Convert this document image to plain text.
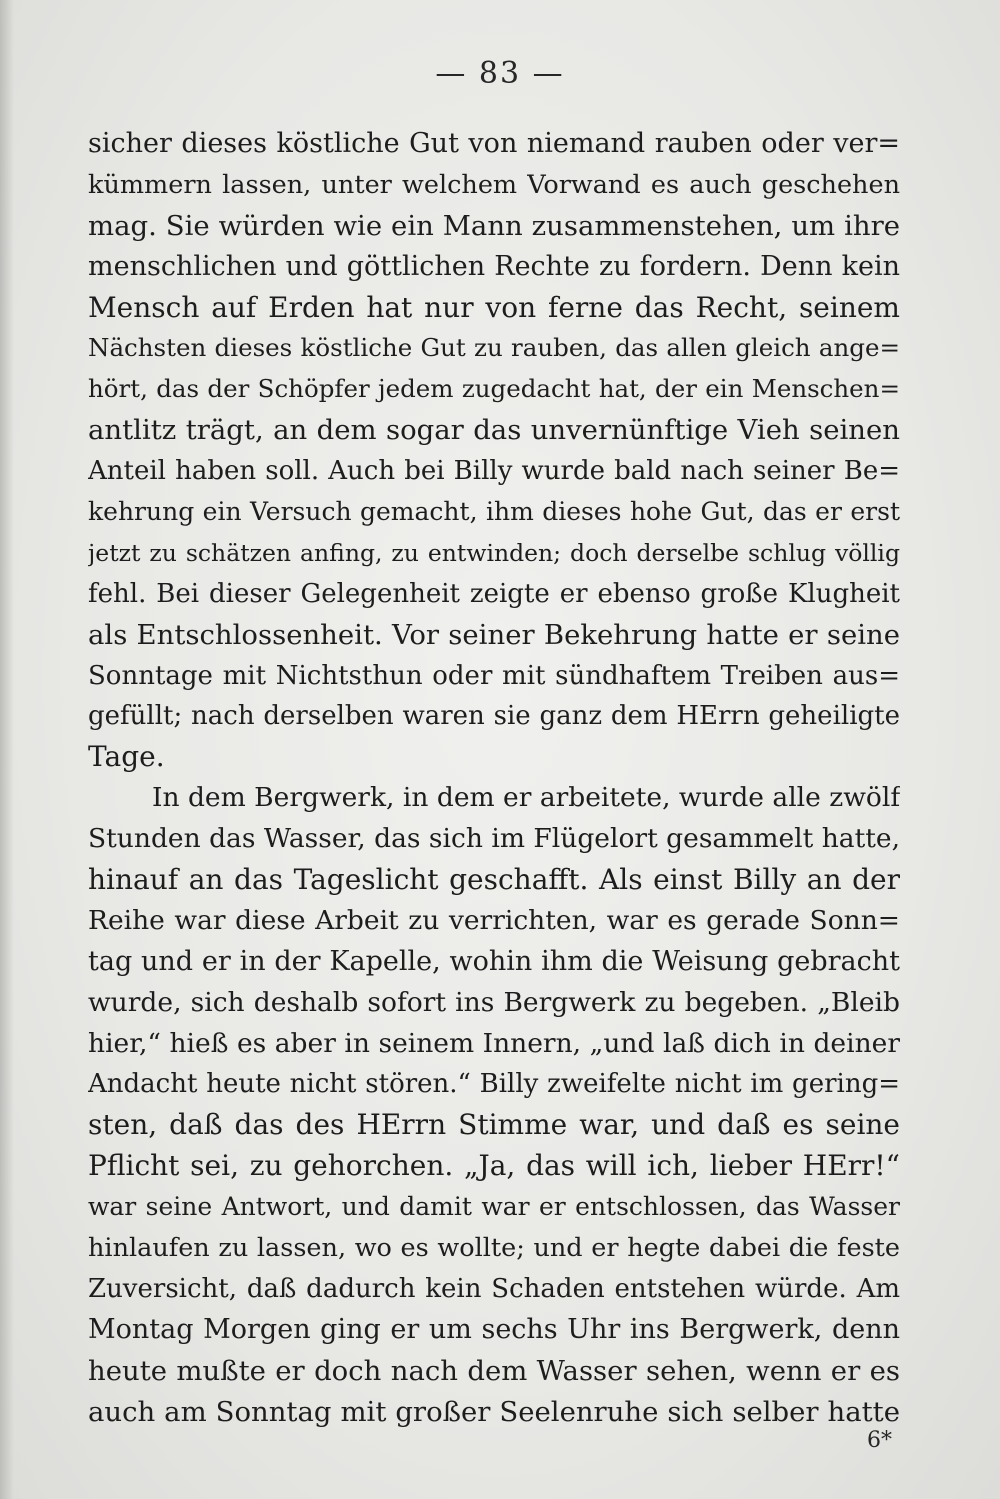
— 83 —
sicher dieses köstliche Gut von niemand rauben oder ver=
kümmern lassen, unter welchem Vorwand es auch geschehen
mag. Sie würden wie ein Mann zusammenstehen, um ihre
menschlichen und göttlichen Rechte zu fordern. Denn kein
Mensch auf Erden hat nur von ferne das Recht, seinem
Nächsten dieses köstliche Gut zu rauben, das allen gleich ange=
hört, das der Schöpfer jedem zugedacht hat, der ein Menschen=
antlitz trägt, an dem sogar das unvernünftige Vieh seinen
Anteil haben soll. Auch bei Billy wurde bald nach seiner Be=
kehrung ein Versuch gemacht, ihm dieses hohe Gut, das er erst
jetzt zu schätzen anfing, zu entwinden; doch derselbe schlug völlig
fehl. Bei dieser Gelegenheit zeigte er ebenso große Klugheit
als Entschlossenheit. Vor seiner Bekehrung hatte er seine
Sonntage mit Nichtsthun oder mit sündhaftem Treiben aus=
gefüllt; nach derselben waren sie ganz dem HErrn geheiligte
Tage.
In dem Bergwerk, in dem er arbeitete, wurde alle zwölf
Stunden das Wasser, das sich im Flügelort gesammelt hatte,
hinauf an das Tageslicht geschafft. Als einst Billy an der
Reihe war diese Arbeit zu verrichten, war es gerade Sonn=
tag und er in der Kapelle, wohin ihm die Weisung gebracht
wurde, sich deshalb sofort ins Bergwerk zu begeben. „Bleib
hier,“ hieß es aber in seinem Innern, „und laß dich in deiner
Andacht heute nicht stören.“ Billy zweifelte nicht im gering=
sten, daß das des HErrn Stimme war, und daß es seine
Pflicht sei, zu gehorchen. „Ja, das will ich, lieber HErr!“
war seine Antwort, und damit war er entschlossen, das Wasser
hinlaufen zu lassen, wo es wollte; und er hegte dabei die feste
Zuversicht, daß dadurch kein Schaden entstehen würde. Am
Montag Morgen ging er um sechs Uhr ins Bergwerk, denn
heute mußte er doch nach dem Wasser sehen, wenn er es
auch am Sonntag mit großer Seelenruhe sich selber hatte
6*
